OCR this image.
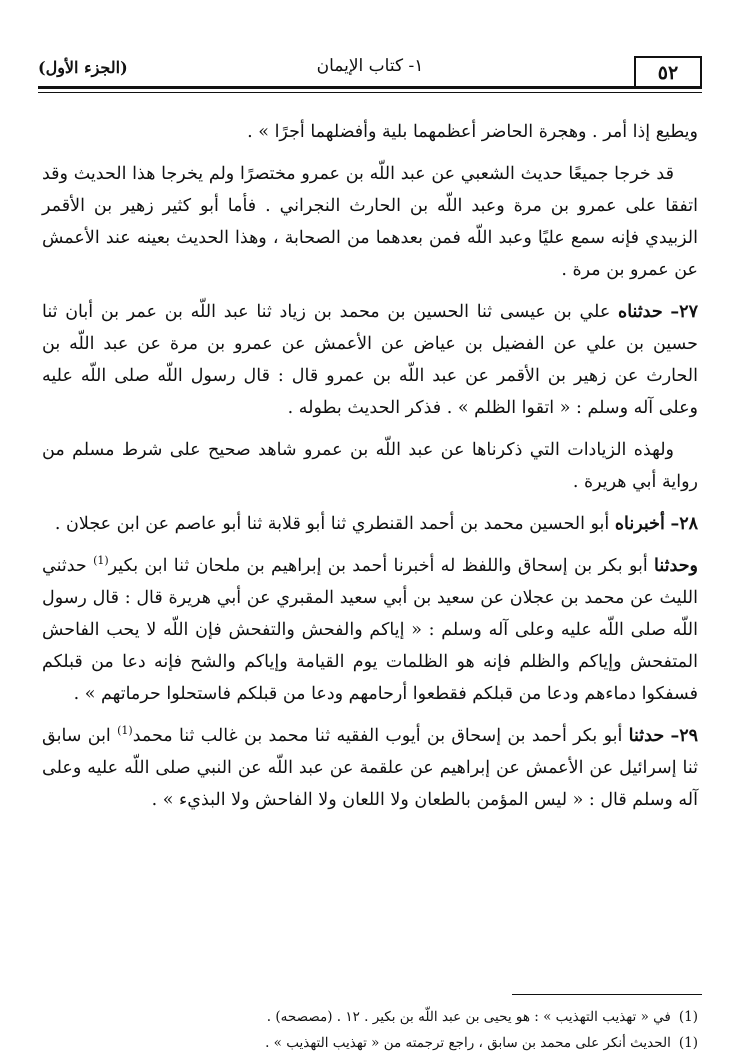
٥٢
١- كتاب الإيمان
(الجزء الأول)

ويطيع إذا أمر . وهجرة الحاضر أعظمهما بلية وأفضلهما أجرًا » .

قد خرجا جميعًا حديث الشعبي عن عبد اللّه بن عمرو مختصرًا ولم يخرجا هذا الحديث وقد اتفقا على عمرو بن مرة وعبد اللّه بن الحارث النجراني . فأما أبو كثير زهير بن الأقمر الزبيدي فإنه سمع عليًا وعبد اللّه فمن بعدهما من الصحابة ، وهذا الحديث بعينه عند الأعمش عن عمرو بن مرة .

٢٧– حدثناه علي بن عيسى ثنا الحسين بن محمد بن زياد ثنا عبد اللّه بن عمر بن أبان ثنا حسين بن علي عن الفضيل بن عياض عن الأعمش عن عمرو بن مرة عن عبد اللّه بن الحارث عن زهير بن الأقمر عن عبد اللّه بن عمرو قال : قال رسول اللّه صلى اللّه عليه وعلى آله وسلم : « اتقوا الظلم » . فذكر الحديث بطوله .

ولهذه الزيادات التي ذكرناها عن عبد اللّه بن عمرو شاهد صحيح على شرط مسلم من رواية أبي هريرة .

٢٨– أخبرناه أبو الحسين محمد بن أحمد القنطري ثنا أبو قلابة ثنا أبو عاصم عن ابن عجلان .

وحدثنا أبو بكر بن إسحاق واللفظ له أخبرنا أحمد بن إبراهيم بن ملحان ثنا ابن بكير$^{(1)}$ حدثني الليث عن محمد بن عجلان عن سعيد بن أبي سعيد المقبري عن أبي هريرة قال : قال رسول اللّه صلى اللّه عليه وعلى آله وسلم : « إياكم والفحش والتفحش فإن اللّه لا يحب الفاحش المتفحش وإياكم والظلم فإنه هو الظلمات يوم القيامة وإياكم والشح فإنه دعا من قبلكم فسفكوا دماءهم ودعا من قبلكم فقطعوا أرحامهم ودعا من قبلكم فاستحلوا حرماتهم » .

٢٩– حدثنا أبو بكر أحمد بن إسحاق بن أيوب الفقيه ثنا محمد بن غالب ثنا محمد$^{(1)}$ ابن سابق ثنا إسرائيل عن الأعمش عن إبراهيم عن علقمة عن عبد اللّه عن النبي صلى اللّه عليه وعلى آله وسلم قال : « ليس المؤمن بالطعان ولا اللعان ولا الفاحش ولا البذيء » .

(1)
في « تهذيب التهذيب » : هو يحيى بن عبد اللّه بن بكير . ١٢ . (مصصحه) .
(1)
الحديث أنكر على محمد بن سابق ، راجع ترجمته من « تهذيب التهذيب » .
